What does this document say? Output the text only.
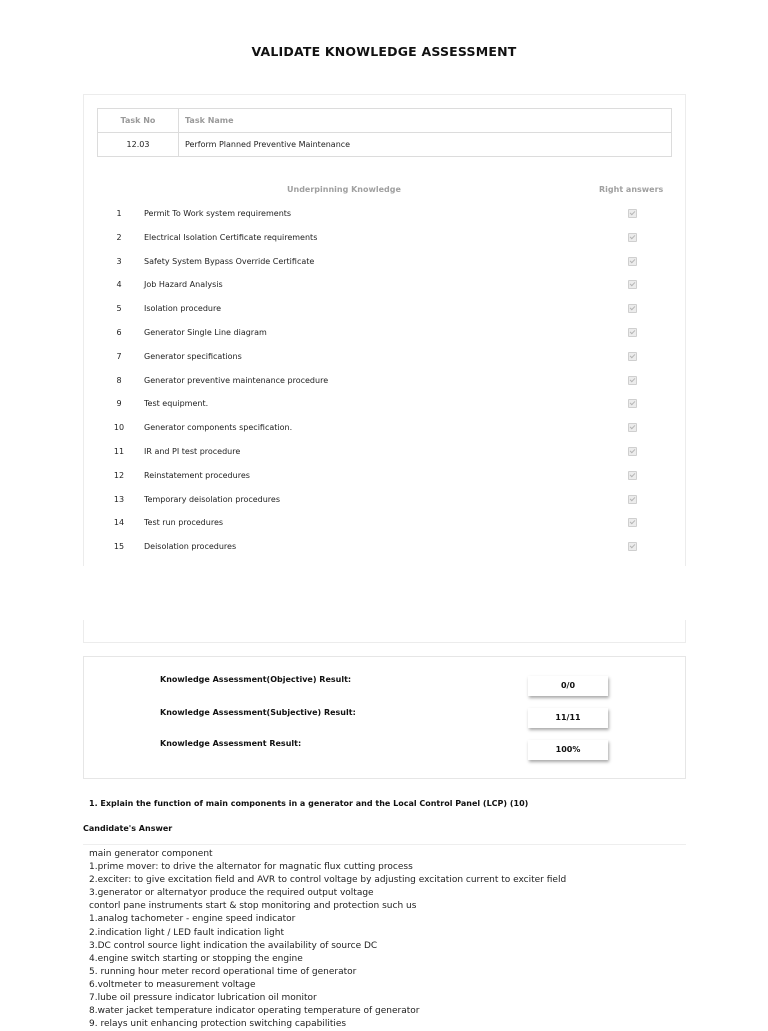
VALIDATE KNOWLEDGE ASSESSMENT
Task No	Task Name
12.03	Perform Planned Preventive Maintenance
Underpinning Knowledge	Right answers
1	Permit To Work system requirements
2	Electrical Isolation Certificate requirements
3	Safety System Bypass Override Certificate
4	Job Hazard Analysis
5	Isolation procedure
6	Generator Single Line diagram
7	Generator specifications
8	Generator preventive maintenance procedure
9	Test equipment.
10	Generator components specification.
11	IR and PI test procedure
12	Reinstatement procedures
13	Temporary deisolation procedures
14	Test run procedures
15	Deisolation procedures
Knowledge Assessment(Objective) Result:
0/0
Knowledge Assessment(Subjective) Result:
11/11
Knowledge Assessment Result:
100%
1. Explain the function of main components in a generator and the Local Control Panel (LCP) (10)
Candidate's Answer
main generator component
1.prime mover: to drive the alternator for magnatic flux cutting process
2.exciter: to give excitation field and AVR to control voltage by adjusting excitation current to exciter field
3.generator or alternatyor produce the required output voltage
contorl pane instruments start & stop monitoring and protection such us
1.analog tachometer - engine speed indicator
2.indication light / LED fault indication light
3.DC control source light indication the availability of source DC
4.engine switch starting or stopping the engine
5. running hour meter record operational time of generator
6.voltmeter to measurement voltage
7.lube oil pressure indicator lubrication oil monitor
8.water jacket temperature indicator operating temperature of generator
9. relays unit enhancing protection switching capabilities
